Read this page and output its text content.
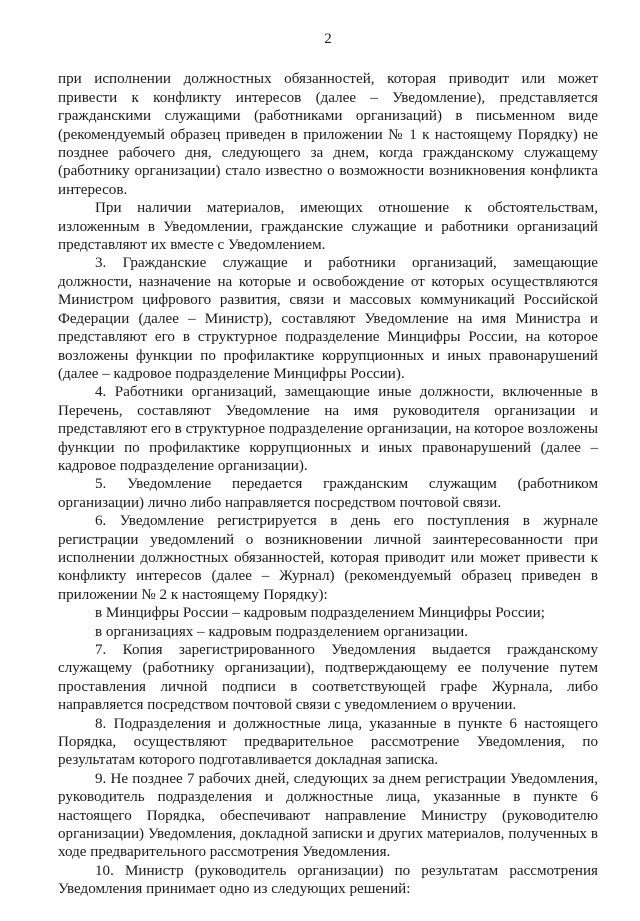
2

при исполнении должностных обязанностей, которая приводит или может привести к конфликту интересов (далее – Уведомление), представляется гражданскими служащими (работниками организаций) в письменном виде (рекомендуемый образец приведен в приложении № 1 к настоящему Порядку) не позднее рабочего дня, следующего за днем, когда гражданскому служащему (работнику организации) стало известно о возможности возникновения конфликта интересов.

При наличии материалов, имеющих отношение к обстоятельствам, изложенным в Уведомлении, гражданские служащие и работники организаций представляют их вместе с Уведомлением.

3. Гражданские служащие и работники организаций, замещающие должности, назначение на которые и освобождение от которых осуществляются Министром цифрового развития, связи и массовых коммуникаций Российской Федерации (далее – Министр), составляют Уведомление на имя Министра и представляют его в структурное подразделение Минцифры России, на которое возложены функции по профилактике коррупционных и иных правонарушений (далее – кадровое подразделение Минцифры России).

4. Работники организаций, замещающие иные должности, включенные в Перечень, составляют Уведомление на имя руководителя организации и представляют его в структурное подразделение организации, на которое возложены функции по профилактике коррупционных и иных правонарушений (далее – кадровое подразделение организации).

5. Уведомление передается гражданским служащим (работником организации) лично либо направляется посредством почтовой связи.

6. Уведомление регистрируется в день его поступления в журнале регистрации уведомлений о возникновении личной заинтересованности при исполнении должностных обязанностей, которая приводит или может привести к конфликту интересов (далее – Журнал) (рекомендуемый образец приведен в приложении № 2 к настоящему Порядку):

в Минцифры России – кадровым подразделением Минцифры России;

в организациях – кадровым подразделением организации.

7. Копия зарегистрированного Уведомления выдается гражданскому служащему (работнику организации), подтверждающему ее получение путем проставления личной подписи в соответствующей графе Журнала, либо направляется посредством почтовой связи с уведомлением о вручении.

8. Подразделения и должностные лица, указанные в пункте 6 настоящего Порядка, осуществляют предварительное рассмотрение Уведомления, по результатам которого подготавливается докладная записка.

9. Не позднее 7 рабочих дней, следующих за днем регистрации Уведомления, руководитель подразделения и должностные лица, указанные в пункте 6 настоящего Порядка, обеспечивают направление Министру (руководителю организации) Уведомления, докладной записки и других материалов, полученных в ходе предварительного рассмотрения Уведомления.

10. Министр (руководитель организации) по результатам рассмотрения Уведомления принимает одно из следующих решений:
